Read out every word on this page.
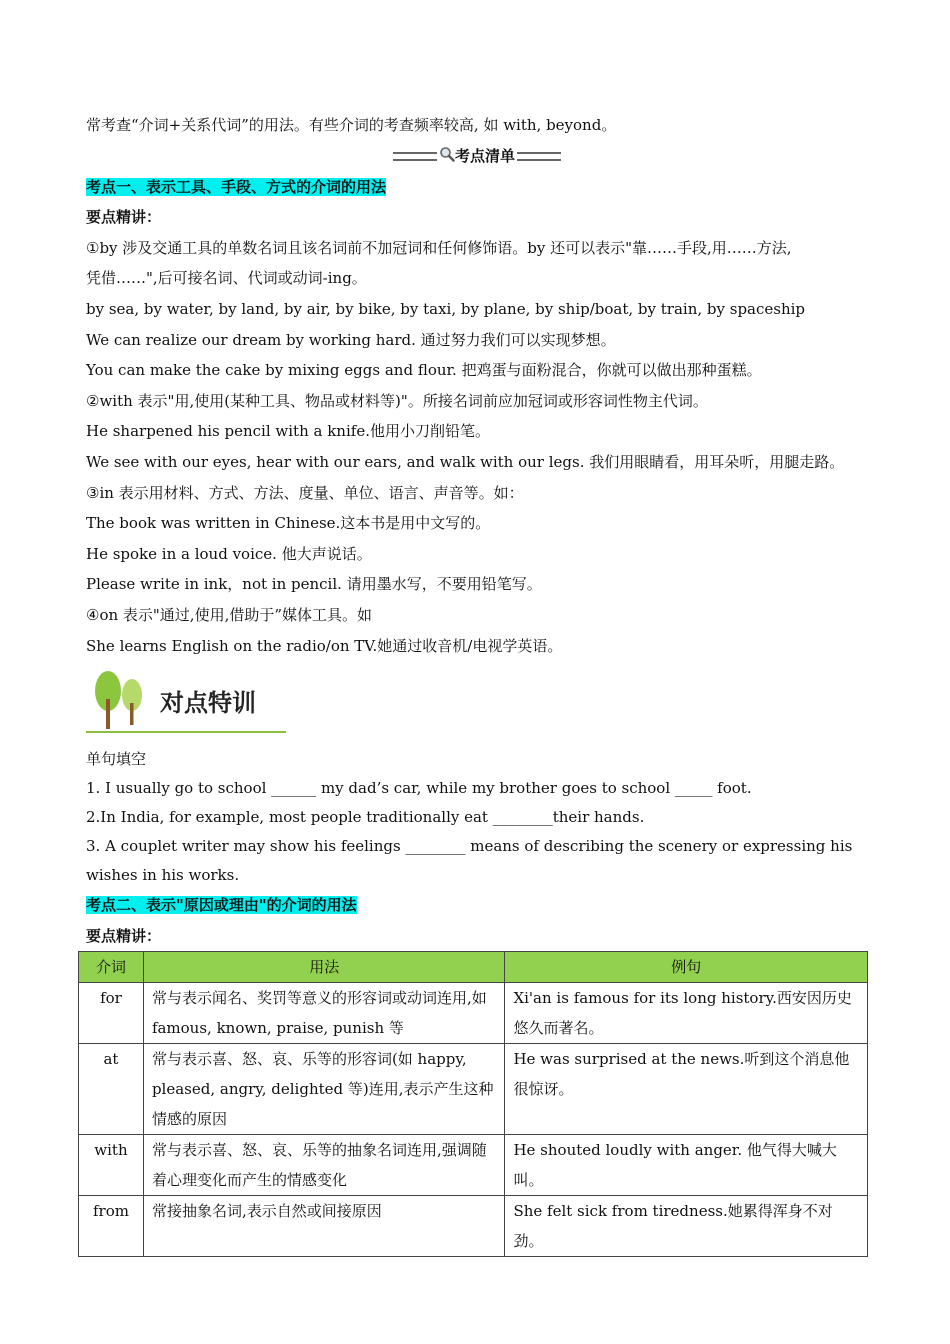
常考查“介词+关系代词”的用法。有些介词的考查频率较高, 如 with, beyond。
考点清单
考点一、表示工具、手段、方式的介词的用法
要点精讲：
①by 涉及交通工具的单数名词且该名词前不加冠词和任何修饰语。by 还可以表示"靠……手段,用……方法,
凭借……",后可接名词、代词或动词-ing。
by sea, by water, by land, by air, by bike, by taxi, by plane, by ship/boat, by train, by spaceship
We can realize our dream by working hard. 通过努力我们可以实现梦想。
You can make the cake by mixing eggs and flour. 把鸡蛋与面粉混合，你就可以做出那种蛋糕。
②with 表示"用,使用(某种工具、物品或材料等)"。所接名词前应加冠词或形容词性物主代词。
He sharpened his pencil with a knife.他用小刀削铅笔。
We see with our eyes, hear with our ears, and walk with our legs. 我们用眼睛看，用耳朵听，用腿走路。
③in 表示用材料、方式、方法、度量、单位、语言、声音等。如：
The book was written in Chinese.这本书是用中文写的。
He spoke in a loud voice. 他大声说话。
Please write in ink，not in pencil. 请用墨水写，不要用铅笔写。
④on 表示"通过,使用,借助于”媒体工具。如
She learns English on the radio/on TV.她通过收音机/电视学英语。
对点特训
单句填空
1. I usually go to school ______ my dad’s car, while my brother goes to school _____ foot.
2.In India, for example, most people traditionally eat ________their hands.
3. A couplet writer may show his feelings ________ means of describing the scenery or expressing his wishes in his works.
考点二、表示"原因或理由"的介词的用法
要点精讲：
介词	用法	例句
for	常与表示闻名、奖罚等意义的形容词或动词连用,如 famous, known, praise, punish 等	Xi'an is famous for its long history.西安因历史悠久而著名。
at	常与表示喜、怒、哀、乐等的形容词(如 happy, pleased, angry, delighted 等)连用,表示产生这种情感的原因	He was surprised at the news.听到这个消息他很惊讶。
with	常与表示喜、怒、哀、乐等的抽象名词连用,强调随着心理变化而产生的情感变化	He shouted loudly with anger. 他气得大喊大叫。
from	常接抽象名词,表示自然或间接原因	She felt sick from tiredness.她累得浑身不对劲。
